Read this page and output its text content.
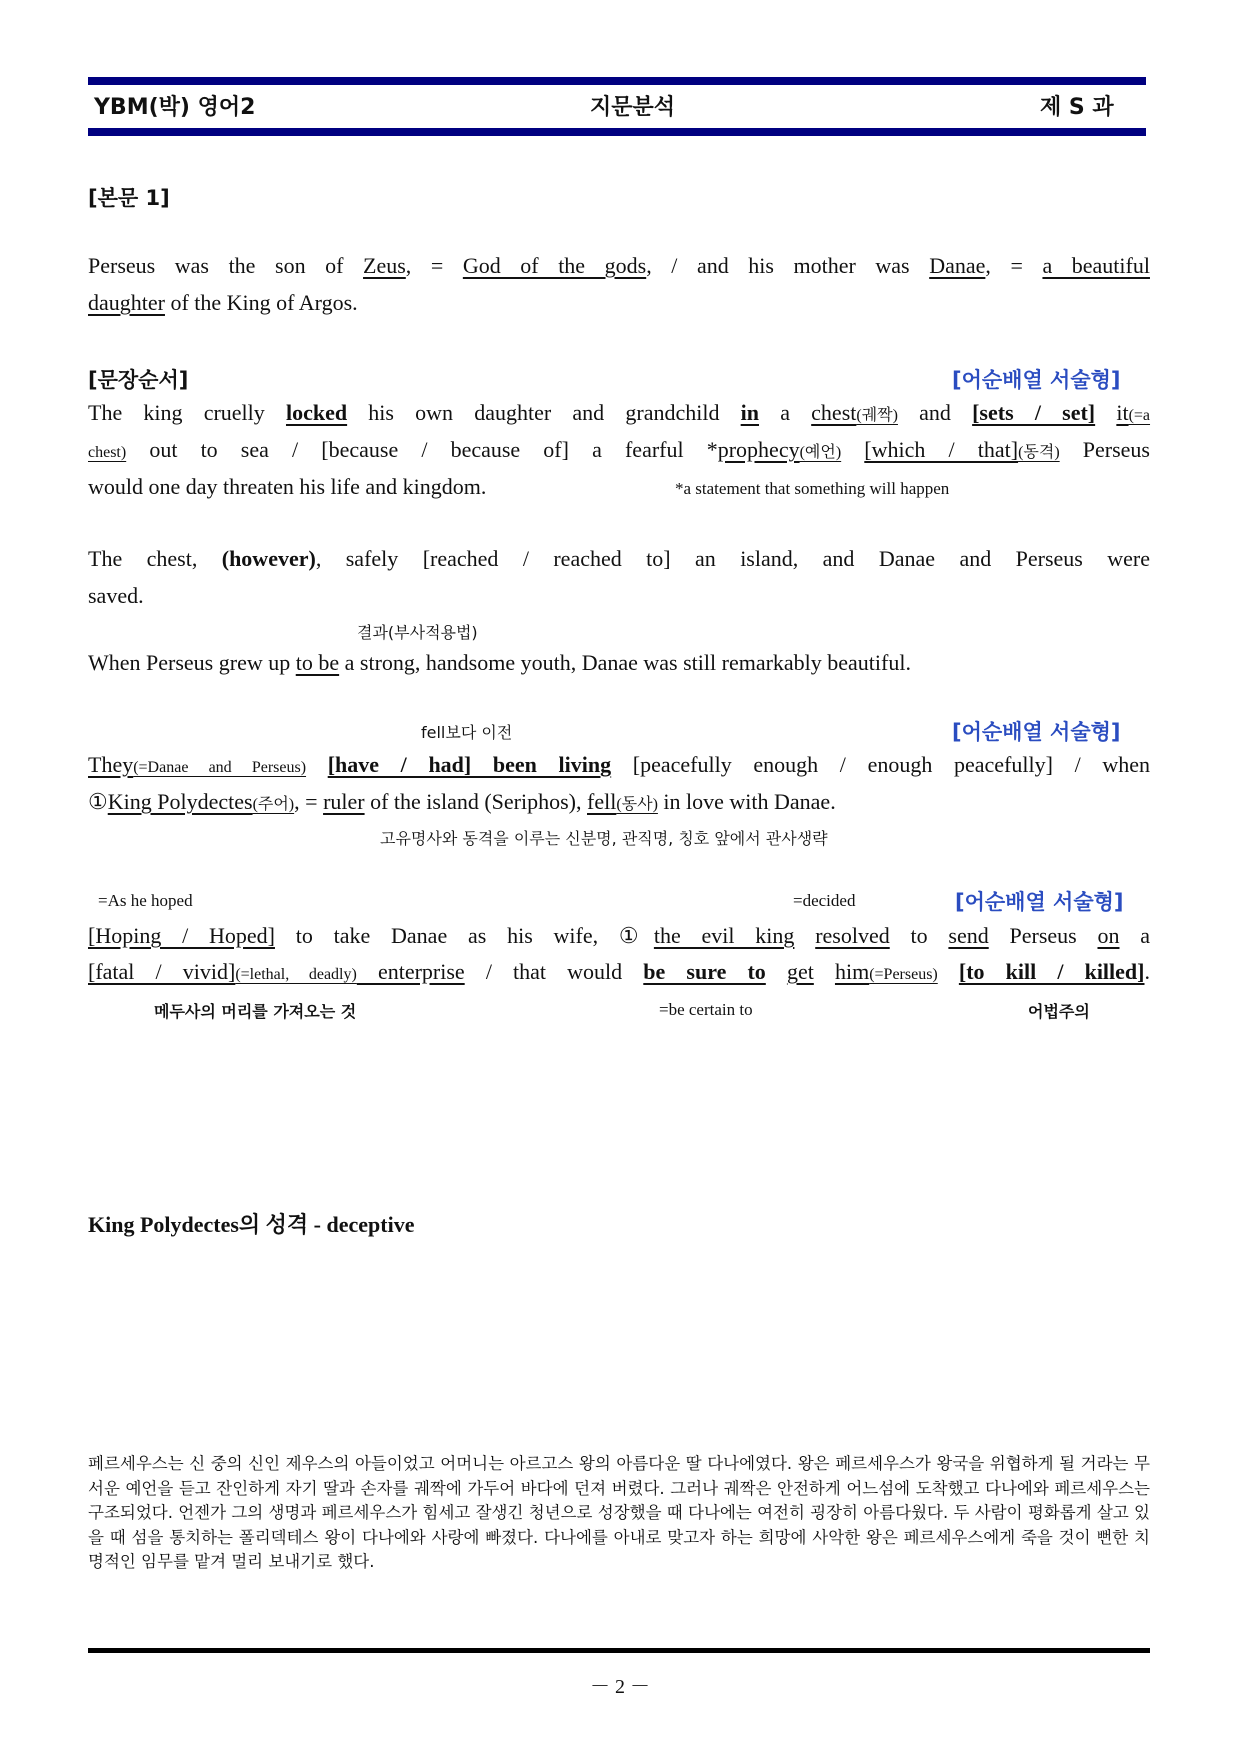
YBM(박) 영어2	지문분석	제 S 과
[본문 1]
Perseus was the son of Zeus, = God of the gods, / and his mother was Danae, = a beautiful
daughter of the King of Argos.
[문장순서]	[어순배열 서술형]
The king cruelly locked his own daughter and grandchild in a chest(궤짝) and [sets / set] it(=a
chest) out to sea / [because / because of] a fearful *prophecy(예언) [which / that](동격) Perseus
would one day threaten his life and kingdom.	*a statement that something will happen
The chest, (however), safely [reached / reached to] an island, and Danae and Perseus were
saved.
결과(부사적용법)
When Perseus grew up to be a strong, handsome youth, Danae was still remarkably beautiful.
fell보다 이전	[어순배열 서술형]
They(=Danae and Perseus) [have / had] been living [peacefully enough / enough peacefully] / when
①King Polydectes(주어), = ruler of the island (Seriphos), fell(동사) in love with Danae.
고유명사와 동격을 이루는 신분명, 관직명, 칭호 앞에서 관사생략
=As he hoped	=decided	[어순배열 서술형]
[Hoping / Hoped] to take Danae as his wife, ①the evil king resolved to send Perseus on a
[fatal / vivid](=lethal, deadly) enterprise / that would be sure to get him(=Perseus) [to kill / killed].
메두사의 머리를 가져오는 것	=be certain to	어법주의
King Polydectes의 성격 - deceptive
페르세우스는 신 중의 신인 제우스의 아들이었고 어머니는 아르고스 왕의 아름다운 딸 다나에였다. 왕은 페르세우스가 왕국을 위협하게 될 거라는 무서운 예언을 듣고 잔인하게 자기 딸과 손자를 궤짝에 가두어 바다에 던져 버렸다. 그러나 궤짝은 안전하게 어느섬에 도착했고 다나에와 페르세우스는 구조되었다. 언젠가 그의 생명과 페르세우스가 힘세고 잘생긴 청년으로 성장했을 때 다나에는 여전히 굉장히 아름다웠다. 두 사람이 평화롭게 살고 있을 때 섬을 통치하는 폴리덱테스 왕이 다나에와 사랑에 빠졌다. 다나에를 아내로 맞고자 하는 희망에 사악한 왕은 페르세우스에게 죽을 것이 뻔한 치명적인 임무를 맡겨 멀리 보내기로 했다.
－ 2 －
